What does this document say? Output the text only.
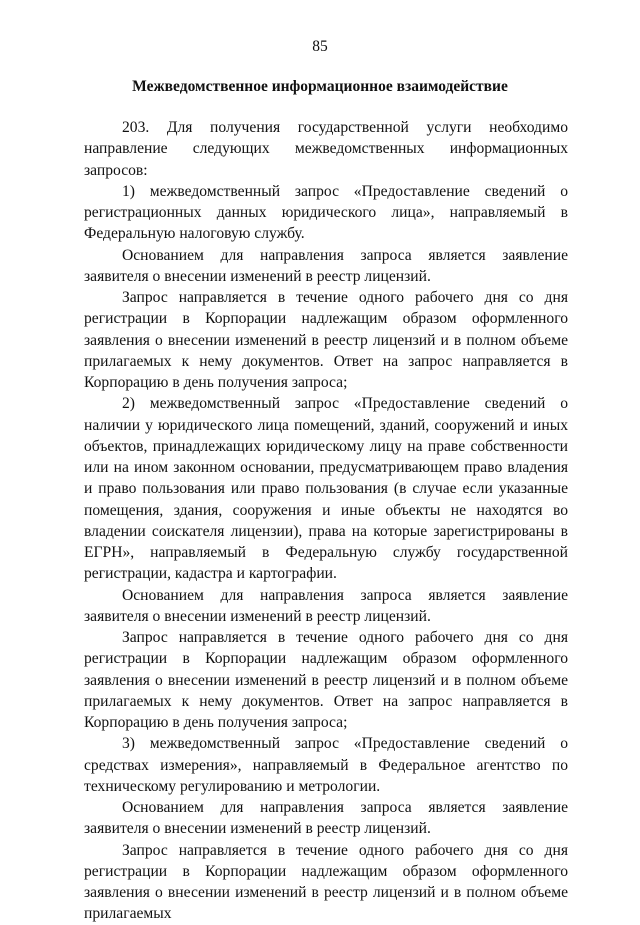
85
Межведомственное информационное взаимодействие

203. Для получения государственной услуги необходимо направление следующих межведомственных информационных запросов:

1) межведомственный запрос «Предоставление сведений о регистрационных данных юридического лица», направляемый в Федеральную налоговую службу.

Основанием для направления запроса является заявление заявителя о внесении изменений в реестр лицензий.

Запрос направляется в течение одного рабочего дня со дня регистрации в Корпорации надлежащим образом оформленного заявления о внесении изменений в реестр лицензий и в полном объеме прилагаемых к нему документов. Ответ на запрос направляется в Корпорацию в день получения запроса;

2) межведомственный запрос «Предоставление сведений о наличии у юридического лица помещений, зданий, сооружений и иных объектов, принадлежащих юридическому лицу на праве собственности или на ином законном основании, предусматривающем право владения и право пользования или право пользования (в случае если указанные помещения, здания, сооружения и иные объекты не находятся во владении соискателя лицензии), права на которые зарегистрированы в ЕГРН», направляемый в Федеральную службу государственной регистрации, кадастра и картографии.

Основанием для направления запроса является заявление заявителя о внесении изменений в реестр лицензий.

Запрос направляется в течение одного рабочего дня со дня регистрации в Корпорации надлежащим образом оформленного заявления о внесении изменений в реестр лицензий и в полном объеме прилагаемых к нему документов. Ответ на запрос направляется в Корпорацию в день получения запроса;

3) межведомственный запрос «Предоставление сведений о средствах измерения», направляемый в Федеральное агентство по техническому регулированию и метрологии.

Основанием для направления запроса является заявление заявителя о внесении изменений в реестр лицензий.

Запрос направляется в течение одного рабочего дня со дня регистрации в Корпорации надлежащим образом оформленного заявления о внесении изменений в реестр лицензий и в полном объеме прилагаемых
